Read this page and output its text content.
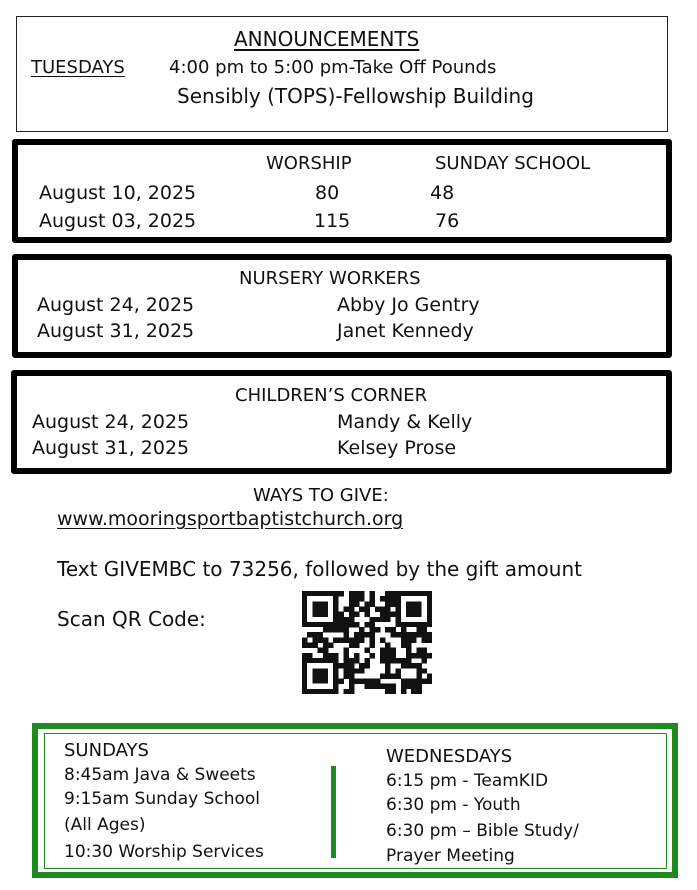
ANNOUNCEMENTS
TUESDAYS 4:00 pm to 5:00 pm-Take Off Pounds
Sensibly (TOPS)-Fellowship Building
WORSHIP	SUNDAY SCHOOL
August 10, 2025	80	48
August 03, 2025	115	76
NURSERY WORKERS
August 24, 2025	Abby Jo Gentry
August 31, 2025	Janet Kennedy
CHILDREN’S CORNER
August 24, 2025	Mandy & Kelly
August 31, 2025	Kelsey Prose
WAYS TO GIVE:
www.mooringsportbaptistchurch.org
Text GIVEMBC to 73256, followed by the gift amount
Scan QR Code:
SUNDAYS
8:45am Java & Sweets
9:15am Sunday School
(All Ages)
10:30 Worship Services
WEDNESDAYS
6:15 pm - TeamKID
6:30 pm - Youth
6:30 pm – Bible Study/
Prayer Meeting
